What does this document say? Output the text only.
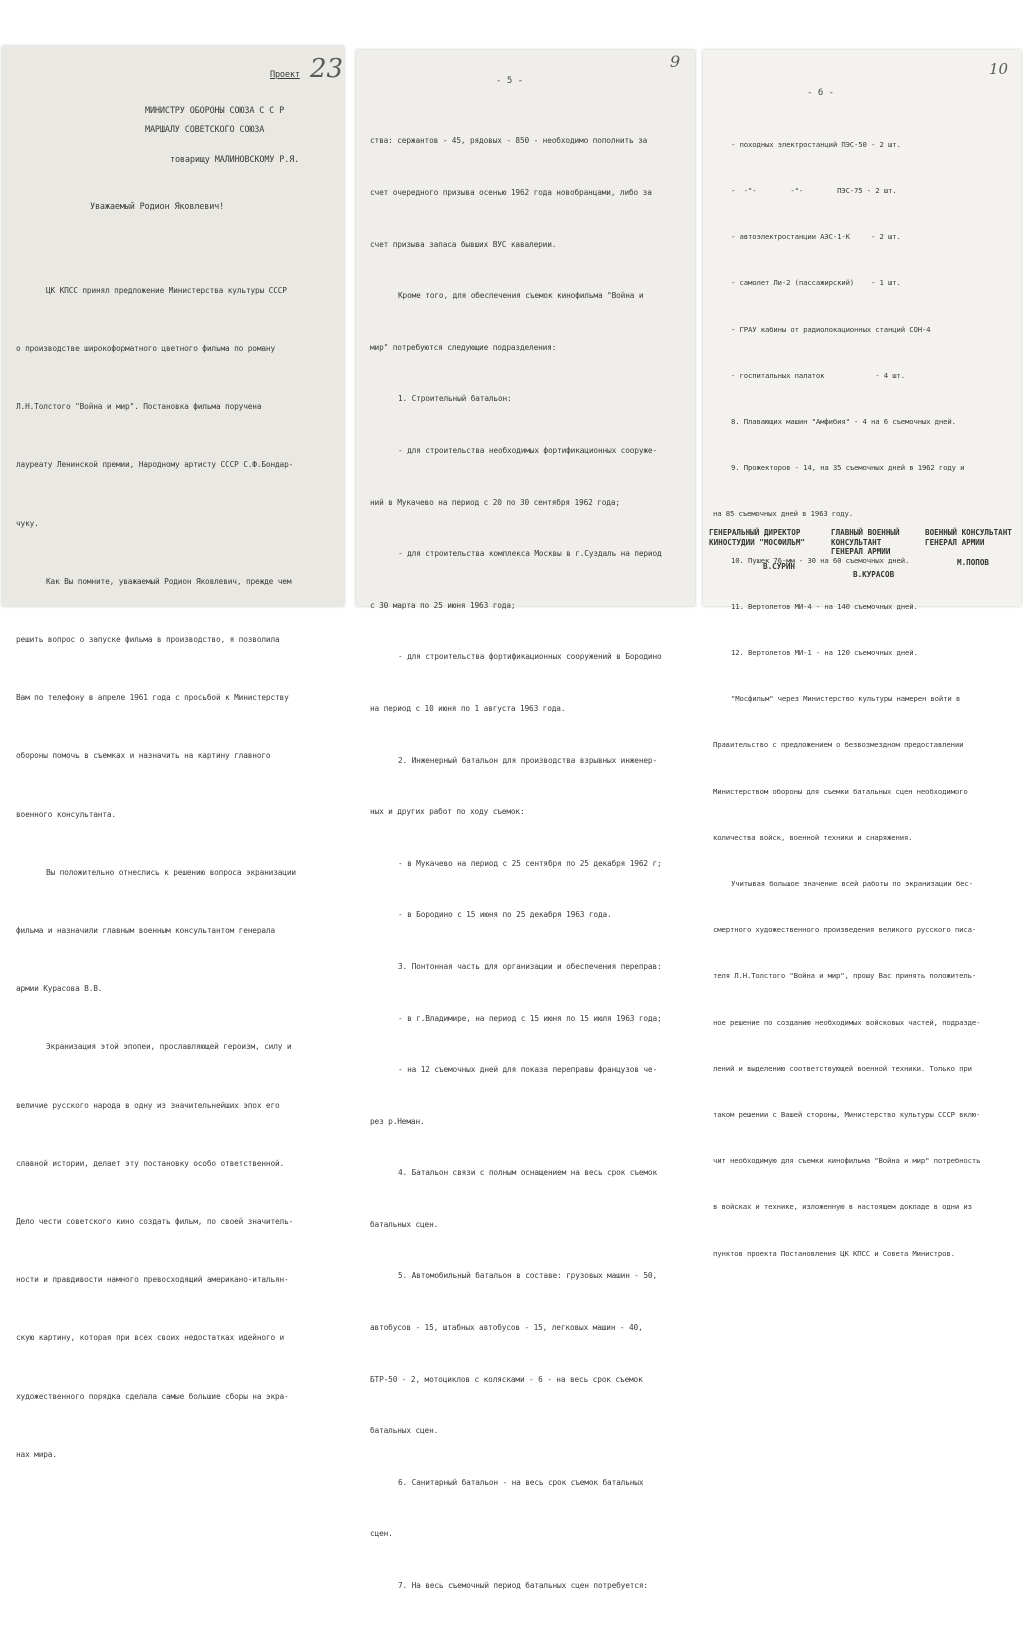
Проект 23
МИНИСТРУ ОБОРОНЫ СОЮЗА С С Р
МАРШАЛУ СОВЕТСКОГО СОЮЗА
товарищу МАЛИНОВСКОМУ Р.Я.
Уважаемый Родион Яковлевич!

ЦК КПСС принял предложение Министерства культуры СССР

о производстве широкоформатного цветного фильма по роману

Л.Н.Толстого "Война и мир". Постановка фильма поручена

лауреату Ленинской премии, Народному артисту СССР С.Ф.Бондар-

чуку.

Как Вы помните, уважаемый Родион Яковлевич, прежде чем

решить вопрос о запуске фильма в производство, я позволила

Вам по телефону в апреле 1961 года с просьбой к Министерству

обороны помочь в съемках и назначить на картину главного

военного консультанта.

Вы положительно отнеслись к решению вопроса экранизации

фильма и назначили главным военным консультантом генерала

армии Курасова В.В.

Экранизация этой эпопеи, прославляющей героизм, силу и

величие русского народа в одну из значительнейших эпох его

славной истории, делает эту постановку особо ответственной.

Дело чести советского кино создать фильм, по своей значитель-

ности и правдивости намного превосходящий американо-итальян-

скую картину, которая при всех своих недостатках идейного и

художественного порядка сделала самые большие сборы на экра-

нах мира.

- 5 -
9

ства: сержантов - 45, рядовых - 850 - необходимо пополнить за

счет очередного призыва осенью 1962 года новобранцами, либо за

счет призыва запаса бывших ВУС кавалерии.

Кроме того, для обеспечения съемок кинофильма "Война и

мир" потребуются следующие подразделения:

1. Строительный батальон:

- для строительства необходимых фортификационных сооруже-

ний в Мукачево на период с 20 по 30 сентября 1962 года;

- для строительства комплекса Москвы в г.Суздаль на период

с 30 марта по 25 июня 1963 года;

- для строительства фортификационных сооружений в Бородино

на период с 10 июня по 1 августа 1963 года.

2. Инженерный батальон для производства взрывных инженер-

ных и других работ по ходу съемок:

- в Мукачево на период с 25 сентября по 25 декабря 1962 г;

- в Бородино с 15 июня по 25 декабря 1963 года.

3. Понтонная часть для организации и обеспечения переправ:

- в г.Владимире, на период с 15 июня по 15 июля 1963 года;

- на 12 съемочных дней для показа переправы французов че-

рез р.Неман.

4. Батальон связи с полным оснащением на весь срок съемок

батальных сцен.

5. Автомобильный батальон в составе: грузовых машин - 50,

автобусов - 15, штабных автобусов - 15, легковых машин - 40,

БТР-50 - 2, мотоциклов с колясками - 6 - на весь срок съемок

батальных сцен.

6. Санитарный батальон - на весь срок съемок батальных

сцен.

7. На весь съемочный период батальных сцен потребуется:

- 6 -
10

- походных электростанций ПЭС-50 - 2 шт.

-  -"-        -"-        ПЭС-75 - 2 шт.

- автоэлектростанции АЭС-1-К     - 2 шт.

- самолет Ли-2 (пассажирский)    - 1 шт.

- ГРАУ кабины от радиолокационных станций СОН-4

- госпитальных палаток            - 4 шт.

8. Плавающих машин "Амфибия" - 4 на 6 съемочных дней.

9. Прожекторов - 14, на 35 съемочных дней в 1962 году и

на 85 съемочных дней в 1963 году.

10. Пушек 76-мм - 30 на 60 съемочных дней.

11. Вертолетов МИ-4 - на 140 съемочных дней.

12. Вертолетов МИ-1 - на 120 съемочных дней.

"Мосфильм" через Министерство культуры намерен войти в

Правительство с предложением о безвозмездном предоставлении

Министерством обороны для съемки батальных сцен необходимого

количества войск, военной техники и снаряжения.

Учитывая большое значение всей работы по экранизации бес-

смертного художественного произведения великого русского писа-

теля Л.Н.Толстого "Война и мир", прошу Вас принять положитель-

ное решение по созданию необходимых войсковых частей, подразде-

лений и выделению соответствующей военной техники. Только при

таком решении с Вашей стороны, Министерство культуры СССР вклю-

чит необходимую для съемки кинофильма "Война и мир" потребность

в войсках и технике, изложенную в настоящем докладе в одни из

пунктов проекта Постановления ЦК КПСС и Совета Министров.

ГЕНЕРАЛЬНЫЙ ДИРЕКТОР
КИНОСТУДИИ "МОСФИЛЬМ"
В.СУРИН
ГЛАВНЫЙ ВОЕННЫЙ
КОНСУЛЬТАНТ
ГЕНЕРАЛ АРМИИ
В.КУРАСОВ
ВОЕННЫЙ КОНСУЛЬТАНТ
ГЕНЕРАЛ АРМИИ
М.ПОПОВ
